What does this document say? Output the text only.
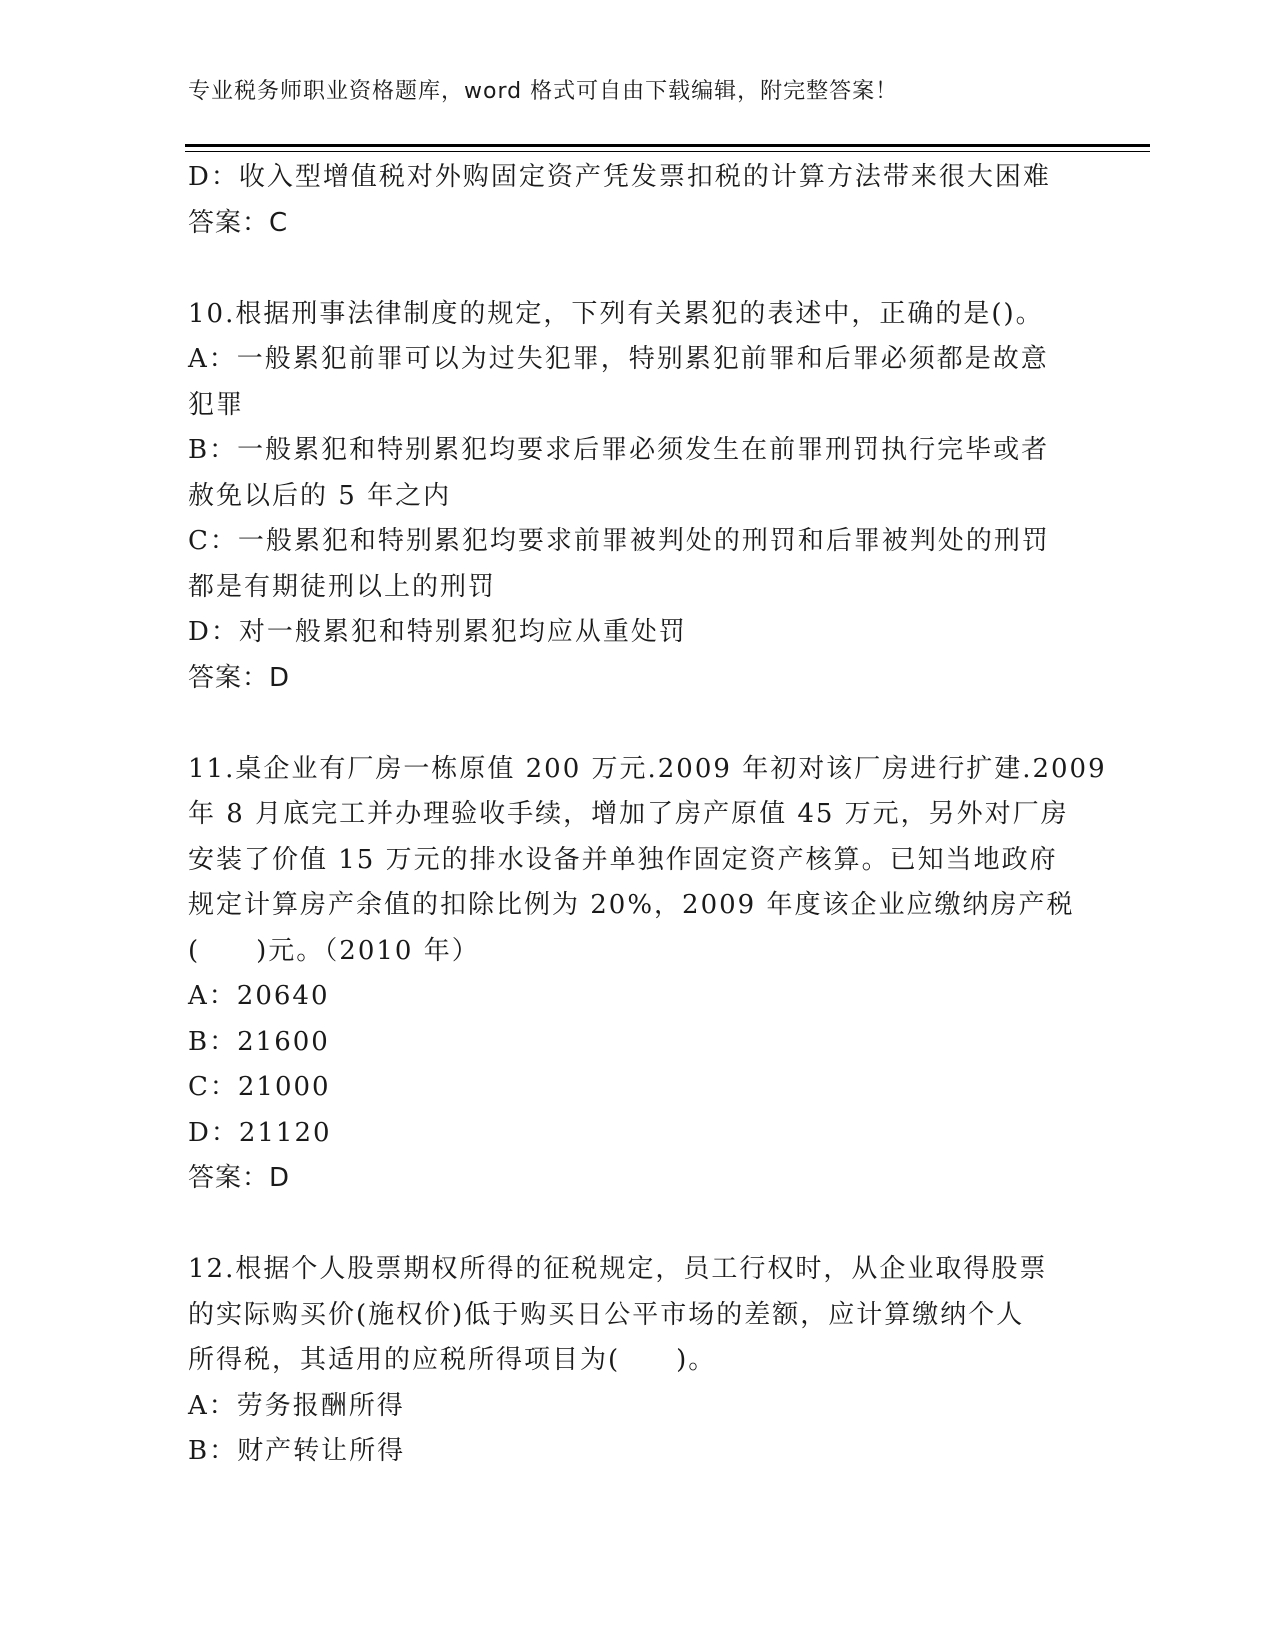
专业税务师职业资格题库，word 格式可自由下载编辑，附完整答案！
D：收入型增值税对外购固定资产凭发票扣税的计算方法带来很大困难
答案：C
10.根据刑事法律制度的规定，下列有关累犯的表述中，正确的是()。
A：一般累犯前罪可以为过失犯罪，特别累犯前罪和后罪必须都是故意
犯罪
B：一般累犯和特别累犯均要求后罪必须发生在前罪刑罚执行完毕或者
赦免以后的 5 年之内
C：一般累犯和特别累犯均要求前罪被判处的刑罚和后罪被判处的刑罚
都是有期徒刑以上的刑罚
D：对一般累犯和特别累犯均应从重处罚
答案：D
11.桌企业有厂房一栋原值 200 万元.2009 年初对该厂房进行扩建.2009
年 8 月底完工并办理验收手续，增加了房产原值 45 万元，另外对厂房
安装了价值 15 万元的排水设备并单独作固定资产核算。已知当地政府
规定计算房产余值的扣除比例为 20%，2009 年度该企业应缴纳房产税
(　　)元。（2010 年）
A：20640
B：21600
C：21000
D：21120
答案：D
12.根据个人股票期权所得的征税规定，员工行权时，从企业取得股票
的实际购买价(施权价)低于购买日公平市场的差额，应计算缴纳个人
所得税，其适用的应税所得项目为(　　)。
A：劳务报酬所得
B：财产转让所得
